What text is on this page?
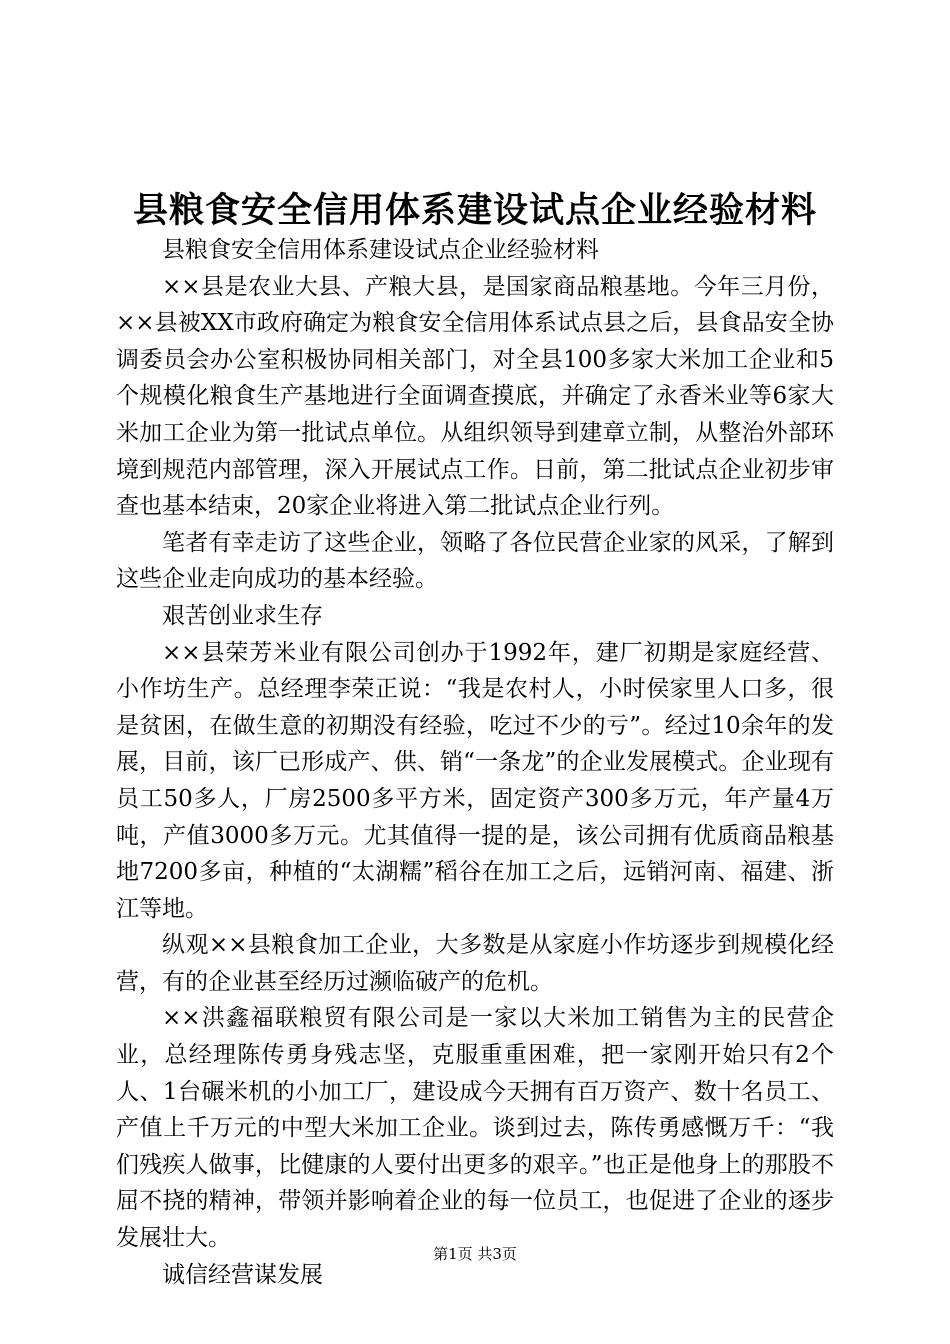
县粮食安全信用体系建设试点企业经验材料

县粮食安全信用体系建设试点企业经验材料

××县是农业大县、产粮大县，是国家商品粮基地。今年三月份，××县被XX市政府确定为粮食安全信用体系试点县之后，县食品安全协调委员会办公室积极协同相关部门，对全县100多家大米加工企业和5个规模化粮食生产基地进行全面调查摸底，并确定了永香米业等6家大米加工企业为第一批试点单位。从组织领导到建章立制，从整治外部环境到规范内部管理，深入开展试点工作。日前，第二批试点企业初步审查也基本结束，20家企业将进入第二批试点企业行列。

笔者有幸走访了这些企业，领略了各位民营企业家的风采，了解到这些企业走向成功的基本经验。

艰苦创业求生存

××县荣芳米业有限公司创办于1992年，建厂初期是家庭经营、小作坊生产。总经理李荣正说：“我是农村人，小时侯家里人口多，很是贫困，在做生意的初期没有经验，吃过不少的亏”。经过10余年的发展，目前，该厂已形成产、供、销“一条龙”的企业发展模式。企业现有员工50多人，厂房2500多平方米，固定资产300多万元，年产量4万吨，产值3000多万元。尤其值得一提的是，该公司拥有优质商品粮基地7200多亩，种植的“太湖糯”稻谷在加工之后，远销河南、福建、浙江等地。

纵观××县粮食加工企业，大多数是从家庭小作坊逐步到规模化经营，有的企业甚至经历过濒临破产的危机。

××洪鑫福联粮贸有限公司是一家以大米加工销售为主的民营企业，总经理陈传勇身残志坚，克服重重困难，把一家刚开始只有2个人、1台碾米机的小加工厂，建设成今天拥有百万资产、数十名员工、产值上千万元的中型大米加工企业。谈到过去，陈传勇感慨万千：“我们残疾人做事，比健康的人要付出更多的艰辛。”也正是他身上的那股不屈不挠的精神，带领并影响着企业的每一位员工，也促进了企业的逐步发展壮大。

诚信经营谋发展

第1页 共3页
